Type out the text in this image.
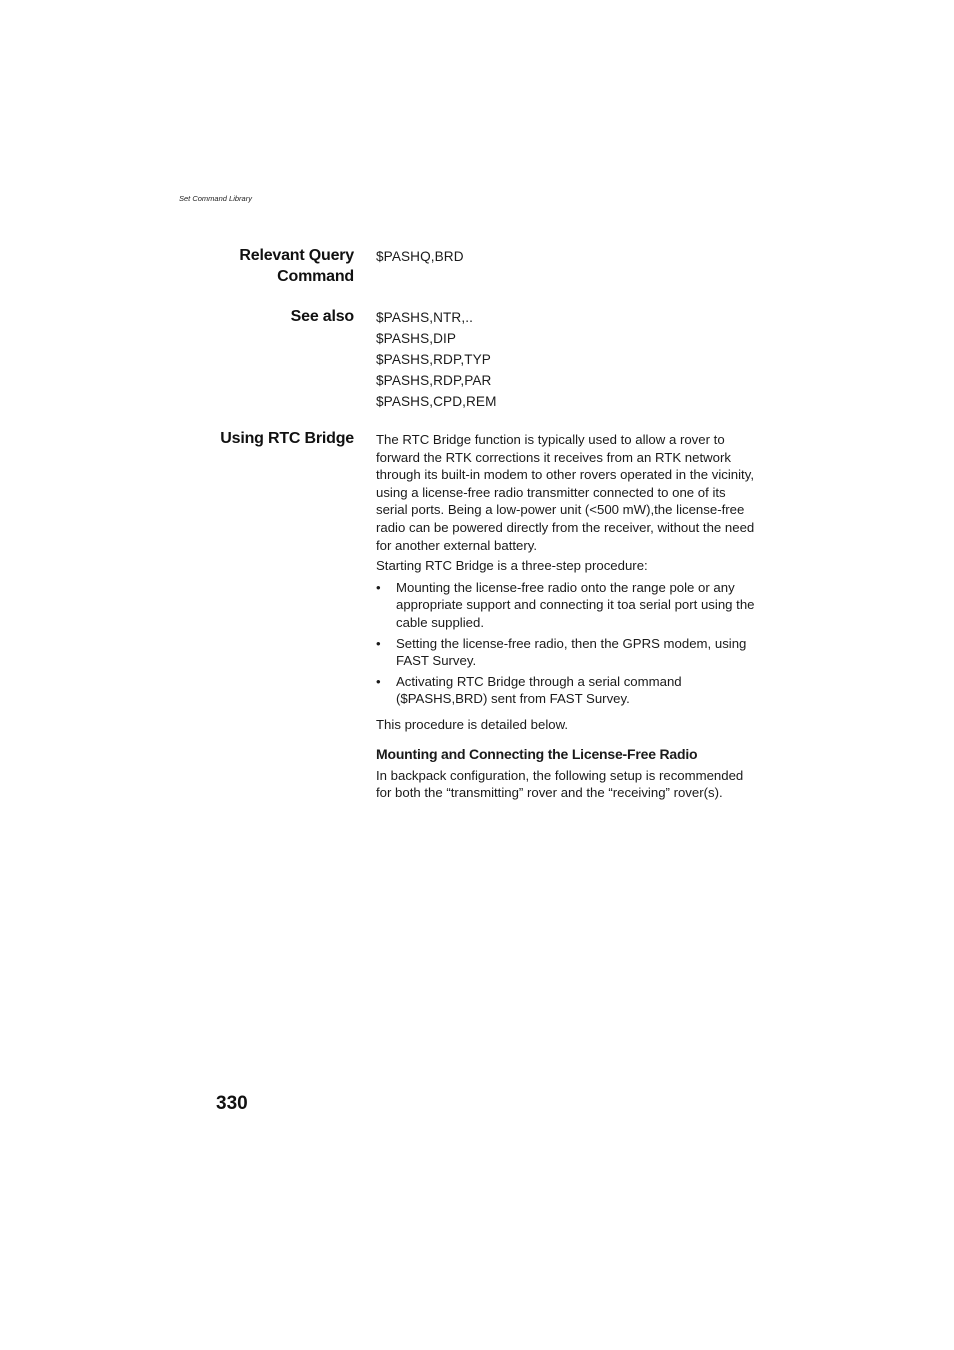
Set Command Library
Relevant Query
Command
$PASHQ,BRD
See also $PASHS,NTR,..
$PASHS,DIP
$PASHS,RDP,TYP
$PASHS,RDP,PAR
$PASHS,CPD,REM
Using RTC Bridge The RTC Bridge function is typically used to allow a rover to forward the RTK corrections it receives from an RTK network through its built-in modem to other rovers operated in the vicinity, using a license-free radio transmitter connected to one of its serial ports. Being a low-power unit (<500 mW),the license-free radio can be powered directly from the receiver, without the need for another external battery.

Starting RTC Bridge is a three-step procedure:

• Mounting the license-free radio onto the range pole or any appropriate support and connecting it toa serial port using the cable supplied.
• Setting the license-free radio, then the GPRS modem, using FAST Survey.
• Activating RTC Bridge through a serial command ($PASHS,BRD) sent from FAST Survey.

This procedure is detailed below.

Mounting and Connecting the License-Free Radio

In backpack configuration, the following setup is recommended for both the “transmitting” rover and the “receiving” rover(s).

330
